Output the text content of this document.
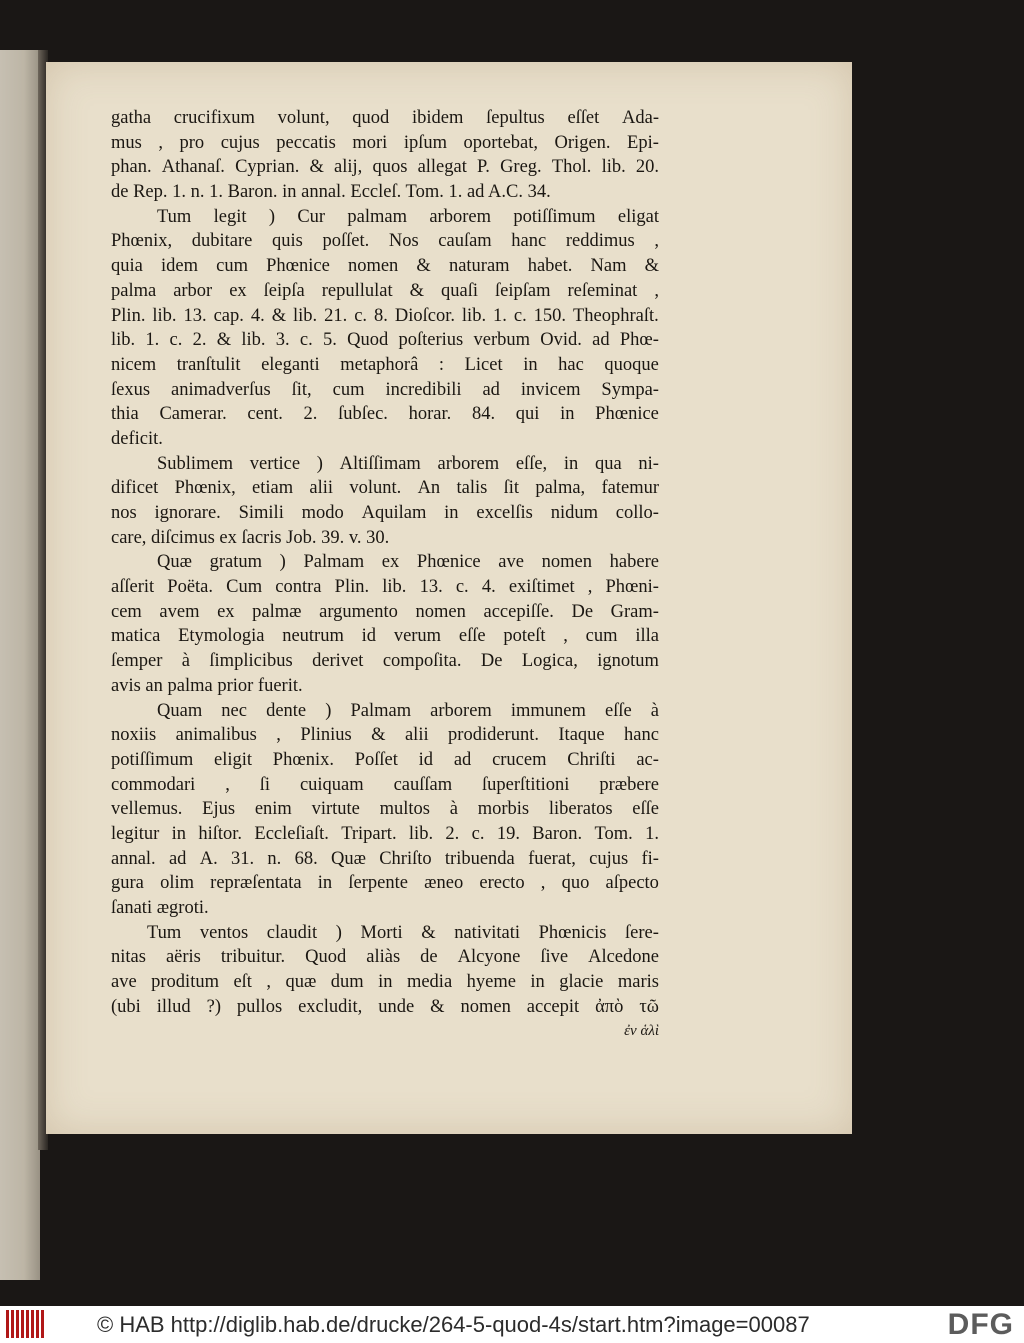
gatha crucifixum volunt, quod ibidem ſepultus eſſet Ada-
mus , pro cujus peccatis mori ipſum oportebat, Origen. Epi-
phan. Athanaſ. Cyprian. & alij, quos allegat P. Greg. Thol. lib. 20.
de Rep. 1. n. 1. Baron. in annal. Eccleſ. Tom. 1. ad A.C. 34.
Tum legit ) Cur palmam arborem potiſſimum eligat
Phœnix, dubitare quis poſſet. Nos cauſam hanc reddimus ,
quia idem cum Phœnice nomen & naturam habet. Nam &
palma arbor ex ſeipſa repullulat & quaſi ſeipſam reſeminat ,
Plin. lib. 13. cap. 4. & lib. 21. c. 8. Dioſcor. lib. 1. c. 150. Theophraſt.
lib. 1. c. 2. & lib. 3. c. 5. Quod poſterius verbum Ovid. ad Phœ-
nicem tranſtulit eleganti metaphorâ : Licet in hac quoque
ſexus animadverſus ſit, cum incredibili ad invicem Sympa-
thia Camerar. cent. 2. ſubſec. horar. 84. qui in Phœnice
deficit.
Sublimem vertice ) Altiſſimam arborem eſſe, in qua ni-
dificet Phœnix, etiam alii volunt. An talis ſit palma, fatemur
nos ignorare. Simili modo Aquilam in excelſis nidum collo-
care, diſcimus ex ſacris Job. 39. v. 30.
Quæ gratum ) Palmam ex Phœnice ave nomen habere
aſſerit Poëta. Cum contra Plin. lib. 13. c. 4. exiſtimet , Phœni-
cem avem ex palmæ argumento nomen accepiſſe. De Gram-
matica Etymologia neutrum id verum eſſe poteſt , cum illa
ſemper à ſimplicibus derivet compoſita. De Logica, ignotum
avis an palma prior fuerit.
Quam nec dente ) Palmam arborem immunem eſſe à
noxiis animalibus , Plinius & alii prodiderunt. Itaque hanc
potiſſimum eligit Phœnix. Poſſet id ad crucem Chriſti ac-
commodari , ſi cuiquam cauſſam ſuperſtitioni præbere
vellemus. Ejus enim virtute multos à morbis liberatos eſſe
legitur in hiſtor. Eccleſiaſt. Tripart. lib. 2. c. 19. Baron. Tom. 1.
annal. ad A. 31. n. 68. Quæ Chriſto tribuenda fuerat, cujus fi-
gura olim repræſentata in ſerpente æneo erecto , quo aſpecto
ſanati ægroti.
Tum ventos claudit ) Morti & nativitati Phœnicis ſere-
nitas aëris tribuitur. Quod aliàs de Alcyone ſive Alcedone
ave proditum eſt , quæ dum in media hyeme in glacie maris
(ubi illud ?) pullos excludit, unde & nomen accepit ἀπὸ τῶ
ἐν ἁλὶ
© HAB http://diglib.hab.de/drucke/264-5-quod-4s/start.htm?image=00087	DFG
